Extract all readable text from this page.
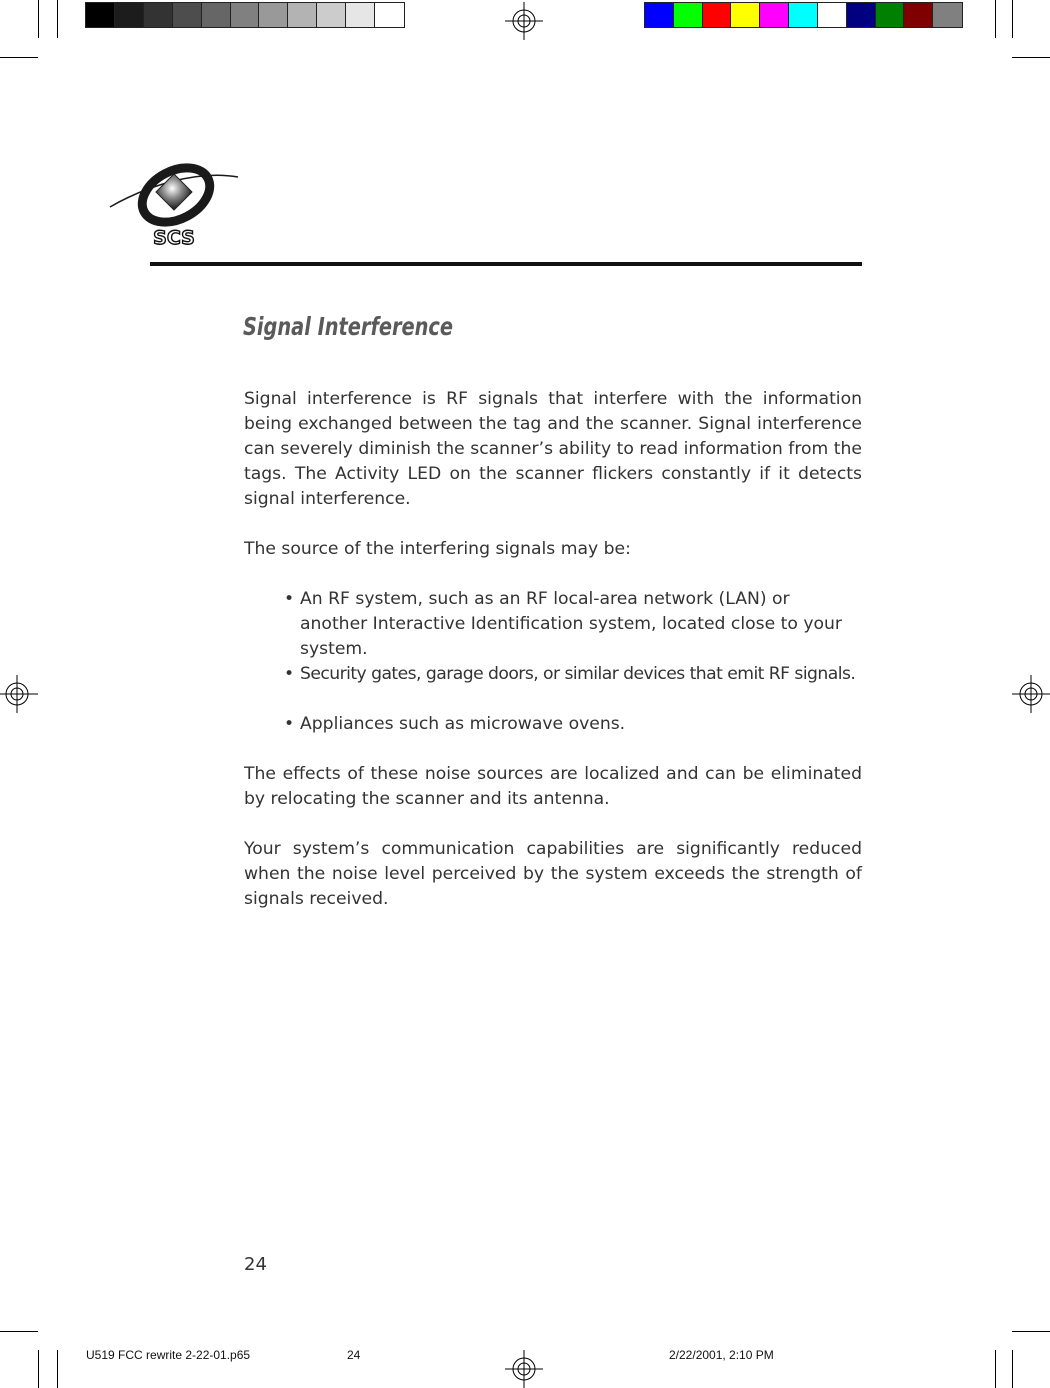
SCS
Signal Interference

Signal interference is RF signals that interfere with the information being exchanged between the tag and the scanner. Signal interference can severely diminish the scanner’s ability to read information from the tags. The Activity LED on the scanner flickers constantly if it detects signal interference.

The source of the interfering signals may be:

• An RF system, such as an RF local-area network (LAN) or another Interactive Identification system, located close to your system.
• Security gates, garage doors, or similar devices that emit RF signals.
• Appliances such as microwave ovens.

The effects of these noise sources are localized and can be eliminated by relocating the scanner and its antenna.

Your system’s communication capabilities are significantly reduced when the noise level perceived by the system exceeds the strength of signals received.

24
U519 FCC rewrite 2-22-01.p65	24	2/22/2001, 2:10 PM
